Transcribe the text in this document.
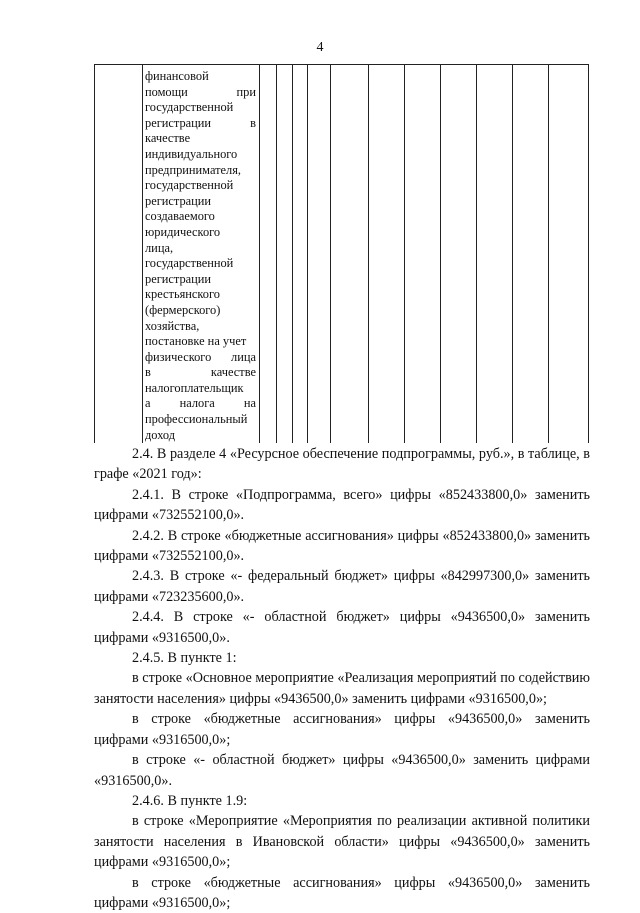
4
финансовой
помощи при
государственной
регистрации в
качестве
индивидуального
предпринимателя,
государственной
регистрации
создаваемого
юридического
лица,
государственной
регистрации
крестьянского
(фермерского)
хозяйства,
постановке на учет
физического лица
в качестве
налогоплательщик
а налога на
профессиональный
доход

2.4. В разделе 4 «Ресурсное обеспечение подпрограммы, руб.», в таблице, в графе «2021 год»:

2.4.1. В строке «Подпрограмма, всего» цифры «852433800,0» заменить цифрами «732552100,0».

2.4.2. В строке «бюджетные ассигнования» цифры «852433800,0» заменить цифрами «732552100,0».

2.4.3. В строке «- федеральный бюджет» цифры «842997300,0» заменить цифрами «723235600,0».

2.4.4. В строке «- областной бюджет» цифры «9436500,0» заменить цифрами «9316500,0».

2.4.5. В пункте 1:

в строке «Основное мероприятие «Реализация мероприятий по содействию занятости населения» цифры «9436500,0» заменить цифрами «9316500,0»;

в строке «бюджетные ассигнования» цифры «9436500,0» заменить цифрами «9316500,0»;

в строке «- областной бюджет» цифры «9436500,0» заменить цифрами «9316500,0».

2.4.6. В пункте 1.9:

в строке «Мероприятие «Мероприятия по реализации активной политики занятости населения в Ивановской области» цифры «9436500,0» заменить цифрами «9316500,0»;

в строке «бюджетные ассигнования» цифры «9436500,0» заменить цифрами «9316500,0»;
